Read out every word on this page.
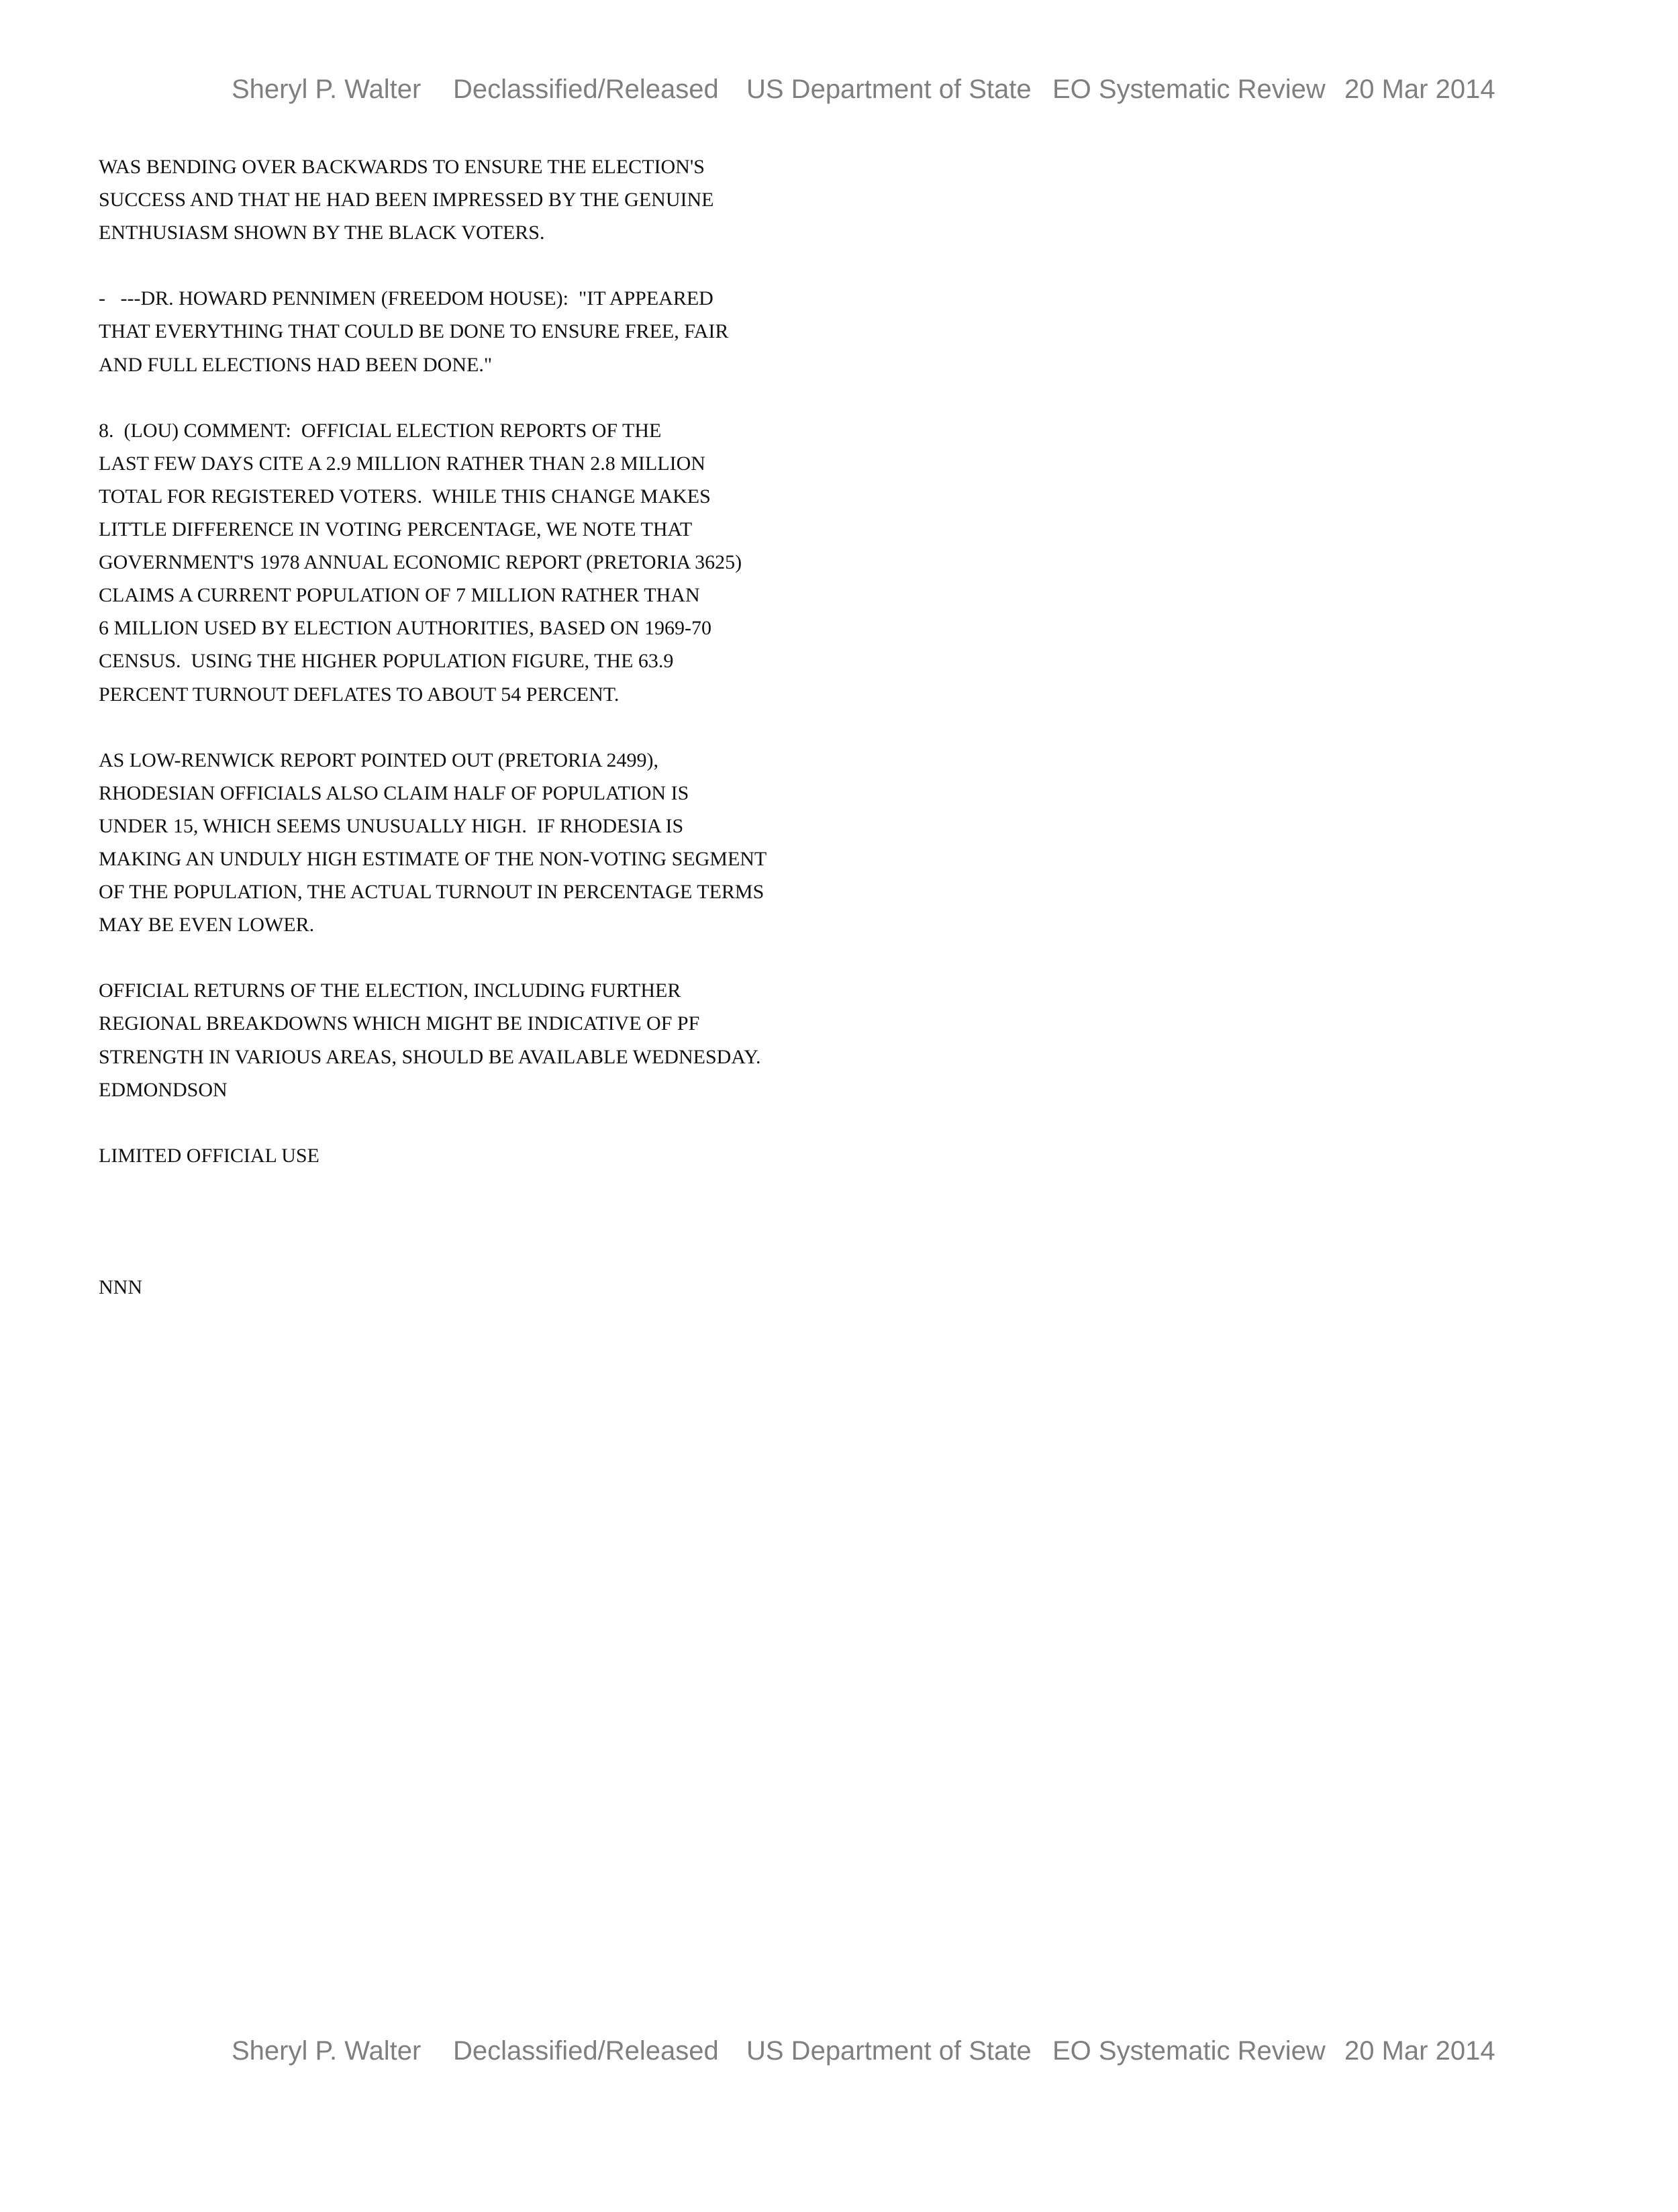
Sheryl P. Walter

Declassified/Released

US Department of State

EO Systematic Review

20 Mar 2014

WAS BENDING OVER BACKWARDS TO ENSURE THE ELECTION'S
SUCCESS AND THAT HE HAD BEEN IMPRESSED BY THE GENUINE
ENTHUSIASM SHOWN BY THE BLACK VOTERS.
-   ---DR. HOWARD PENNIMEN (FREEDOM HOUSE):  "IT APPEARED
THAT EVERYTHING THAT COULD BE DONE TO ENSURE FREE, FAIR
AND FULL ELECTIONS HAD BEEN DONE."
8.  (LOU) COMMENT:  OFFICIAL ELECTION REPORTS OF THE
LAST FEW DAYS CITE A 2.9 MILLION RATHER THAN 2.8 MILLION
TOTAL FOR REGISTERED VOTERS.  WHILE THIS CHANGE MAKES
LITTLE DIFFERENCE IN VOTING PERCENTAGE, WE NOTE THAT
GOVERNMENT'S 1978 ANNUAL ECONOMIC REPORT (PRETORIA 3625)
CLAIMS A CURRENT POPULATION OF 7 MILLION RATHER THAN
6 MILLION USED BY ELECTION AUTHORITIES, BASED ON 1969-70
CENSUS.  USING THE HIGHER POPULATION FIGURE, THE 63.9
PERCENT TURNOUT DEFLATES TO ABOUT 54 PERCENT.
AS LOW-RENWICK REPORT POINTED OUT (PRETORIA 2499),
RHODESIAN OFFICIALS ALSO CLAIM HALF OF POPULATION IS
UNDER 15, WHICH SEEMS UNUSUALLY HIGH.  IF RHODESIA IS
MAKING AN UNDULY HIGH ESTIMATE OF THE NON-VOTING SEGMENT
OF THE POPULATION, THE ACTUAL TURNOUT IN PERCENTAGE TERMS
MAY BE EVEN LOWER.
OFFICIAL RETURNS OF THE ELECTION, INCLUDING FURTHER
REGIONAL BREAKDOWNS WHICH MIGHT BE INDICATIVE OF PF
STRENGTH IN VARIOUS AREAS, SHOULD BE AVAILABLE WEDNESDAY.
EDMONDSON
LIMITED OFFICIAL USE
NNN

Sheryl P. Walter

Declassified/Released

US Department of State

EO Systematic Review

20 Mar 2014
